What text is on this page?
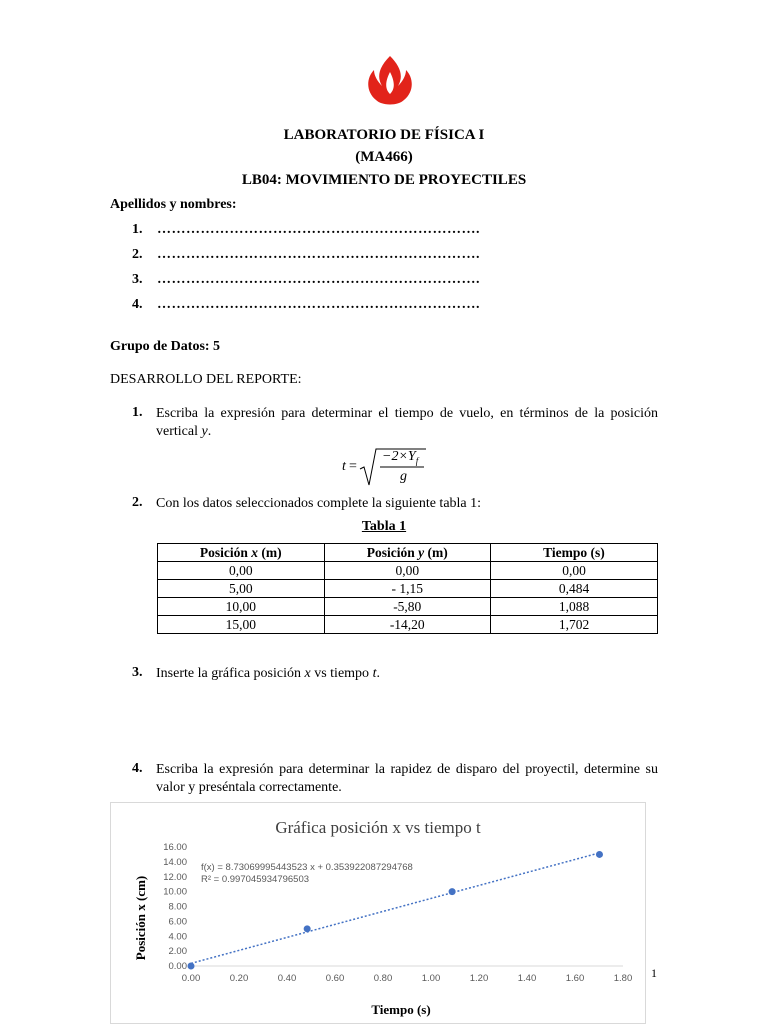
LABORATORIO DE FÍSICA I
(MA466)
LB04: MOVIMIENTO DE PROYECTILES
Apellidos y nombres:
1. ………………………………………………………….
2. ………………………………………………………….
3. ………………………………………………………….
4. ………………………………………………………….
Grupo de Datos: 5
DESARROLLO DEL REPORTE:
1. Escriba la expresión para determinar el tiempo de vuelo, en términos de la posición vertical y.
t =
$-2\times Y_f$
g
2. Con los datos seleccionados complete la siguiente tabla 1:
Tabla 1
Posición x (m)	Posición y (m)	Tiempo (s)
0,00	0,00	0,00
5,00	- 1,15	0,484
10,00	-5,80	1,088
15,00	-14,20	1,702
3. Inserte la gráfica posición x vs tiempo t.
4. Escriba la expresión para determinar la rapidez de disparo del proyectil, determine su valor y preséntala correctamente.
Gráfica posición x vs tiempo t
0.00
2.00
4.00
6.00
8.00
10.00
12.00
14.00
16.00
0.00	0.20	0.40	0.60	0.80	1.00	1.20	1.40	1.60	1.80
f(x) = 8.73069995443523 x + 0.353922087294768
R² = 0.997045934796503
Tiempo (s)
Posición x (cm)
1
